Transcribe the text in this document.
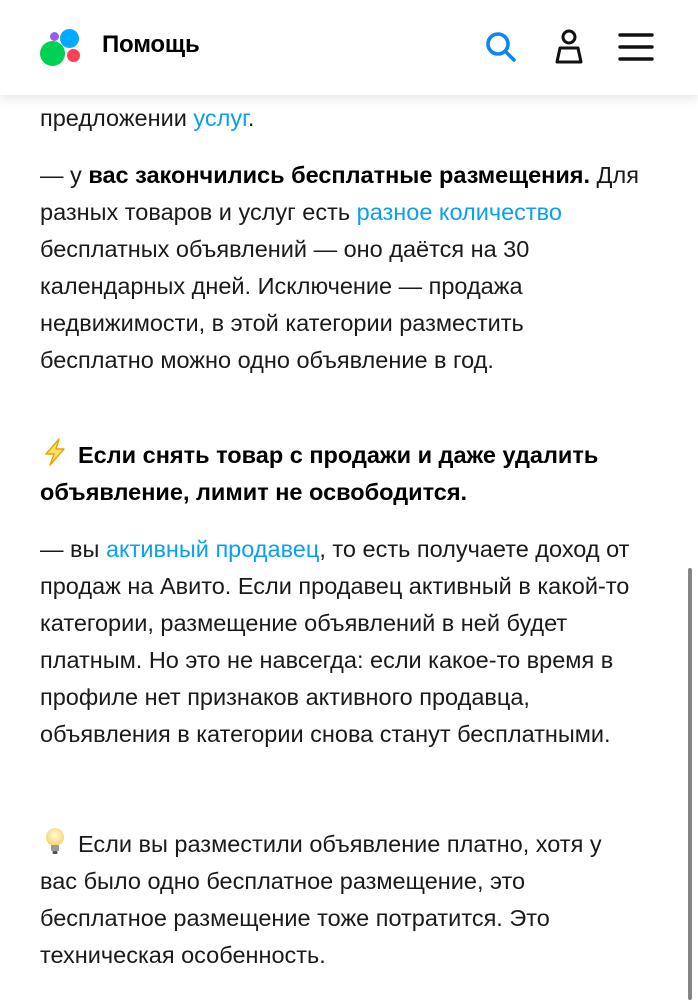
Помощь

предложении услуг.

— у вас закончились бесплатные размещения. Для разных товаров и услуг есть разное количество бесплатных объявлений — оно даётся на 30 календарных дней. Исключение — продажа недвижимости, в этой категории разместить бесплатно можно одно объявление в год.

Если снять товар с продажи и даже удалить объявление, лимит не освободится.

— вы активный продавец, то есть получаете доход от продаж на Авито. Если продавец активный в какой-то категории, размещение объявлений в ней будет платным. Но это не навсегда: если какое-то время в профиле нет признаков активного продавца, объявления в категории снова станут бесплатными.

Если вы разместили объявление платно, хотя у вас было одно бесплатное размещение, это бесплатное размещение тоже потратится. Это техническая особенность.
